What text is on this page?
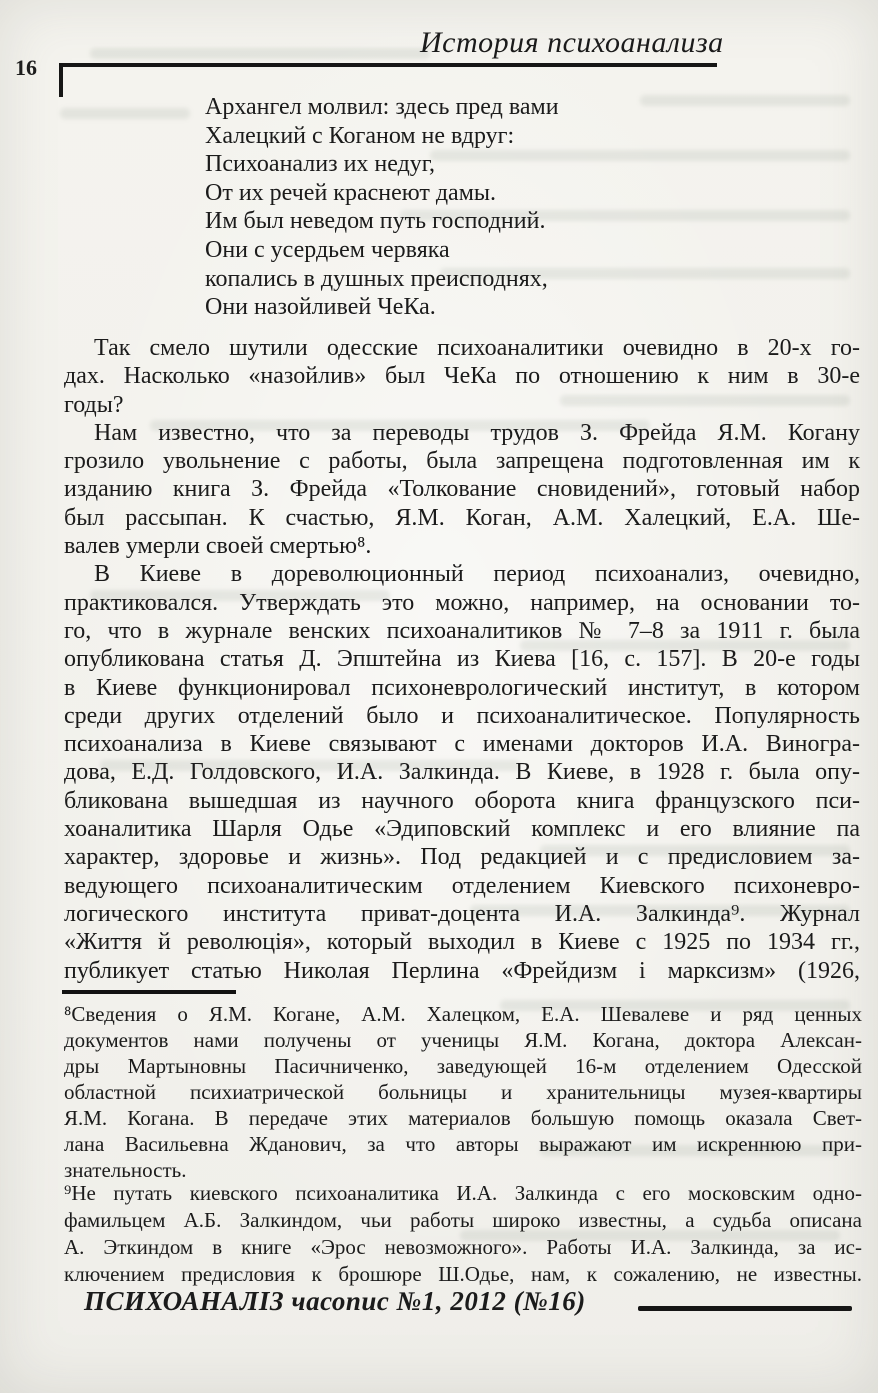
16
История психоанализа
Архангел молвил: здесь пред вами
Халецкий с Коганом не вдруг:
Психоанализ их недуг,
От их речей краснеют дамы.
Им был неведом путь господний.
Они с усердьем червяка
копались в душных преисподнях,
Они назойливей ЧеКа.
Так смело шутили одесские психоаналитики очевидно в 20-х го-
дах. Насколько «назойлив» был ЧеКа по отношению к ним в 30-е
годы?
Нам известно, что за переводы трудов З. Фрейда Я.М. Когану
грозило увольнение с работы, была запрещена подготовленная им к
изданию книга З. Фрейда «Толкование сновидений», готовый набор
был рассыпан. К счастью, Я.М. Коган, А.М. Халецкий, Е.А. Ше-
валев умерли своей смертью⁸.
В Киеве в дореволюционный период психоанализ, очевидно,
практиковался. Утверждать это можно, например, на основании то-
го, что в журнале венских психоаналитиков № 7–8 за 1911 г. была
опубликована статья Д. Эпштейна из Киева [16, с. 157]. В 20-е годы
в Киеве функционировал психоневрологический институт, в котором
среди других отделений было и психоаналитическое. Популярность
психоанализа в Киеве связывают с именами докторов И.А. Виногра-
дова, Е.Д. Голдовского, И.А. Залкинда. В Киеве, в 1928 г. была опу-
бликована вышедшая из научного оборота книга французского пси-
хоаналитика Шарля Одье «Эдиповский комплекс и его влияние па
характер, здоровье и жизнь». Под редакцией и с предисловием за-
ведующего психоаналитическим отделением Киевского психоневро-
логического института приват-доцента И.А. Залкинда⁹. Журнал
«Життя й революція», который выходил в Киеве с 1925 по 1934 гг.,
публикует статью Николая Перлина «Фрейдизм і марксизм» (1926,
⁸Сведения о Я.М. Когане, А.М. Халецком, Е.А. Шевалеве и ряд ценных
документов нами получены от ученицы Я.М. Когана, доктора Алексан-
дры Мартыновны Пасичниченко, заведующей 16-м отделением Одесской
областной психиатрической больницы и хранительницы музея-квартиры
Я.М. Когана. В передаче этих материалов большую помощь оказала Свет-
лана Васильевна Жданович, за что авторы выражают им искреннюю при-
знательность.
⁹Не путать киевского психоаналитика И.А. Залкинда с его московским одно-
фамильцем А.Б. Залкиндом, чьи работы широко известны, а судьба описана
А. Эткиндом в книге «Эрос невозможного». Работы И.А. Залкинда, за ис-
ключением предисловия к брошюре Ш.Одье, нам, к сожалению, не известны.
ПСИХОАНАЛІЗ часопис №1, 2012 (№16)
